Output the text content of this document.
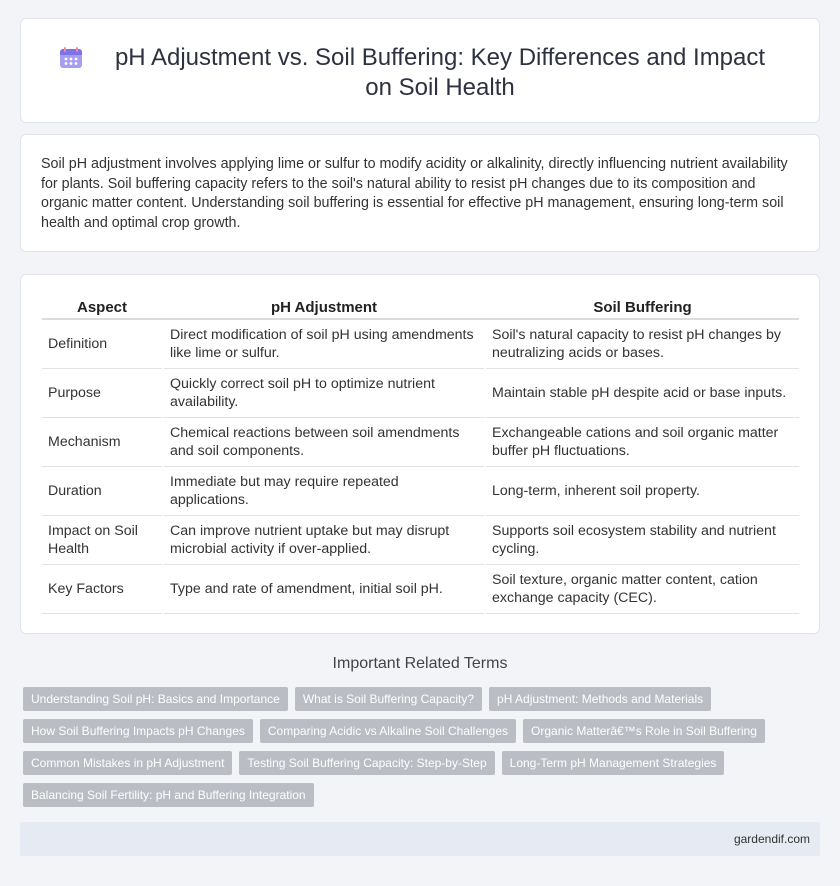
pH Adjustment vs. Soil Buffering: Key Differences and Impact on Soil Health

Soil pH adjustment involves applying lime or sulfur to modify acidity or alkalinity, directly influencing nutrient availability for plants. Soil buffering capacity refers to the soil's natural ability to resist pH changes due to its composition and organic matter content. Understanding soil buffering is essential for effective pH management, ensuring long-term soil health and optimal crop growth.

Aspect	pH Adjustment	Soil Buffering
Definition	Direct modification of soil pH using amendments like lime or sulfur.	Soil's natural capacity to resist pH changes by neutralizing acids or bases.
Purpose	Quickly correct soil pH to optimize nutrient availability.	Maintain stable pH despite acid or base inputs.
Mechanism	Chemical reactions between soil amendments and soil components.	Exchangeable cations and soil organic matter buffer pH fluctuations.
Duration	Immediate but may require repeated applications.	Long-term, inherent soil property.
Impact on Soil Health	Can improve nutrient uptake but may disrupt microbial activity if over-applied.	Supports soil ecosystem stability and nutrient cycling.
Key Factors	Type and rate of amendment, initial soil pH.	Soil texture, organic matter content, cation exchange capacity (CEC).
Important Related Terms
Understanding Soil pH: Basics and Importance	What is Soil Buffering Capacity?	pH Adjustment: Methods and Materials
How Soil Buffering Impacts pH Changes	Comparing Acidic vs Alkaline Soil Challenges	Organic Matterâ€™s Role in Soil Buffering
Common Mistakes in pH Adjustment	Testing Soil Buffering Capacity: Step-by-Step	Long-Term pH Management Strategies
Balancing Soil Fertility: pH and Buffering Integration
gardendif.com
